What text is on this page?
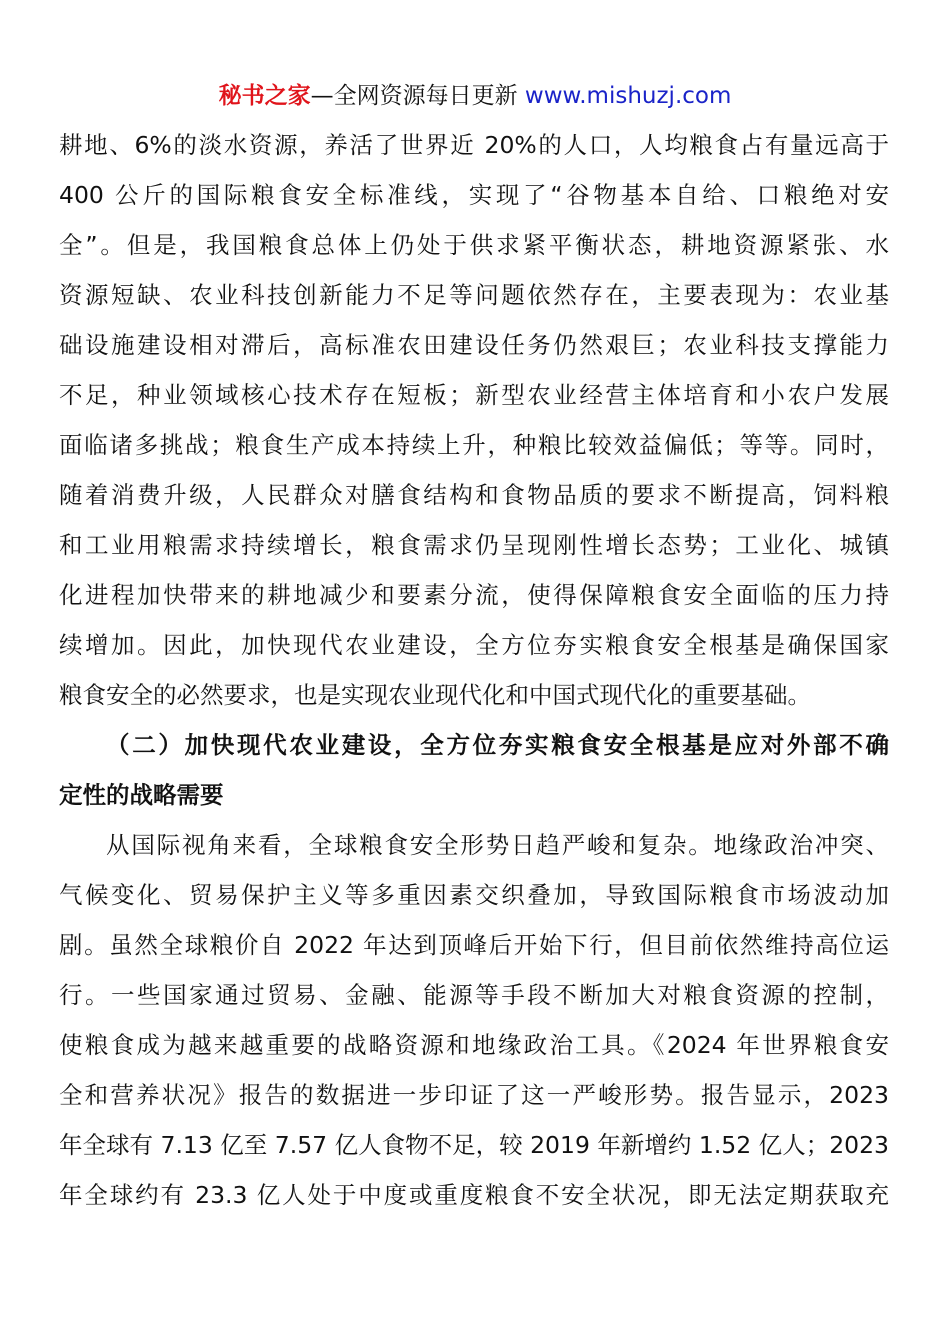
秘书之家—全网资源每日更新 www.mishuzj.com
耕地、6%的淡水资源，养活了世界近 20%的人口，人均粮食占有量远高于
400 公斤的国际粮食安全标准线，实现了“谷物基本自给、口粮绝对安
全”。但是，我国粮食总体上仍处于供求紧平衡状态，耕地资源紧张、水
资源短缺、农业科技创新能力不足等问题依然存在，主要表现为：农业基
础设施建设相对滞后，高标准农田建设任务仍然艰巨；农业科技支撑能力
不足，种业领域核心技术存在短板；新型农业经营主体培育和小农户发展
面临诸多挑战；粮食生产成本持续上升，种粮比较效益偏低；等等。同时，
随着消费升级，人民群众对膳食结构和食物品质的要求不断提高，饲料粮
和工业用粮需求持续增长，粮食需求仍呈现刚性增长态势；工业化、城镇
化进程加快带来的耕地减少和要素分流，使得保障粮食安全面临的压力持
续增加。因此，加快现代农业建设，全方位夯实粮食安全根基是确保国家
粮食安全的必然要求，也是实现农业现代化和中国式现代化的重要基础。
（二）加快现代农业建设，全方位夯实粮食安全根基是应对外部不确
定性的战略需要
从国际视角来看，全球粮食安全形势日趋严峻和复杂。地缘政治冲突、
气候变化、贸易保护主义等多重因素交织叠加，导致国际粮食市场波动加
剧。虽然全球粮价自 2022 年达到顶峰后开始下行，但目前依然维持高位运
行。一些国家通过贸易、金融、能源等手段不断加大对粮食资源的控制，
使粮食成为越来越重要的战略资源和地缘政治工具。《2024 年世界粮食安
全和营养状况》报告的数据进一步印证了这一严峻形势。报告显示，2023
年全球有 7.13 亿至 7.57 亿人食物不足，较 2019 年新增约 1.52 亿人；2023
年全球约有 23.3 亿人处于中度或重度粮食不安全状况，即无法定期获取充
